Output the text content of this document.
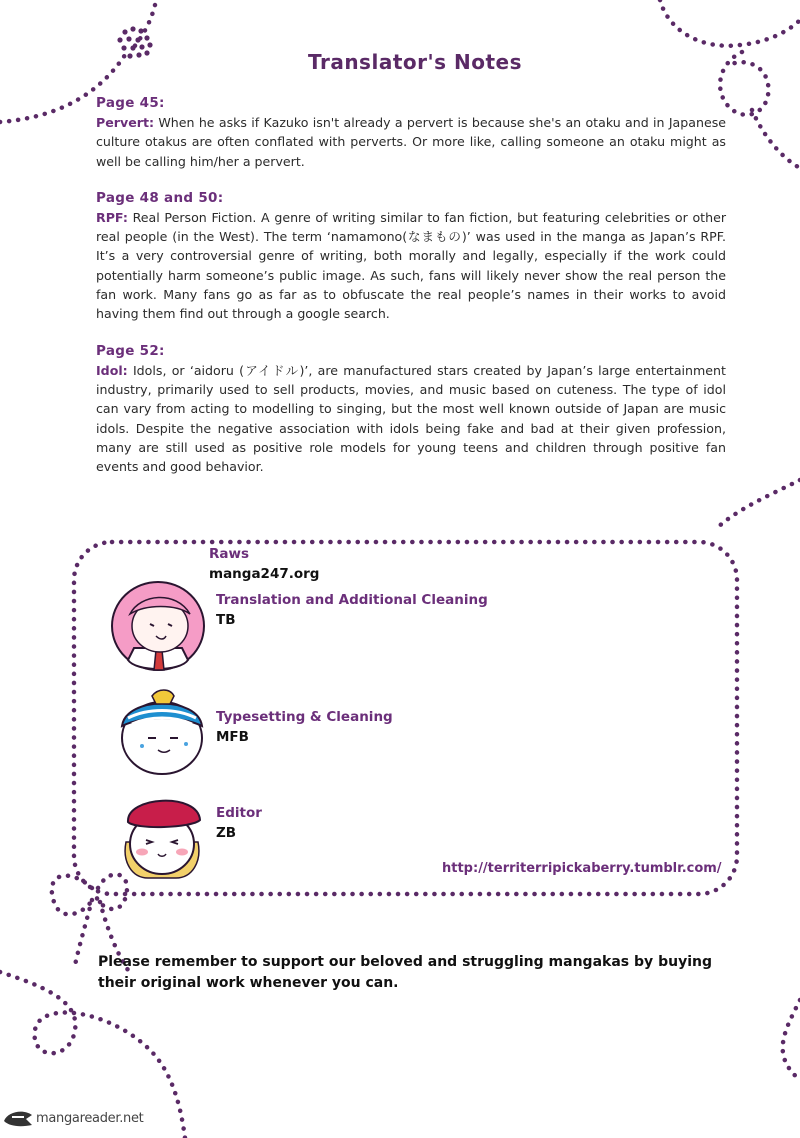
Translator's Notes
Page 45:
Pervert: When he asks if Kazuko isn't already a pervert is because she's an otaku and in Japanese culture otakus are often conflated with perverts. Or more like, calling someone an otaku might as well be calling him/her a pervert.
Page 48 and 50:
RPF: Real Person Fiction. A genre of writing similar to fan fiction, but featuring celebrities or other real people (in the West). The term ‘namamono(なまもの)’ was used in the manga as Japan’s RPF. It’s a very controversial genre of writing, both morally and legally, especially if the work could potentially harm someone’s public image. As such, fans will likely never show the real person the fan work. Many fans go as far as to obfuscate the real people’s names in their works to avoid having them find out through a google search.
Page 52:
Idol: Idols, or ‘aidoru (アイドル)’, are manufactured stars created by Japan’s large entertainment industry, primarily used to sell products, movies, and music based on cuteness. The type of idol can vary from acting to modelling to singing, but the most well known outside of Japan are music idols. Despite the negative association with idols being fake and bad at their given profession, many are still used as positive role models for young teens and children through positive fan events and good behavior.
Raws
manga247.org
Translation and Additional Cleaning
TB
Typesetting & Cleaning
MFB
Editor
ZB
http://territerripickaberry.tumblr.com/
Please remember to support our beloved and struggling mangakas by buying their original work whenever you can.
mangareader.net
